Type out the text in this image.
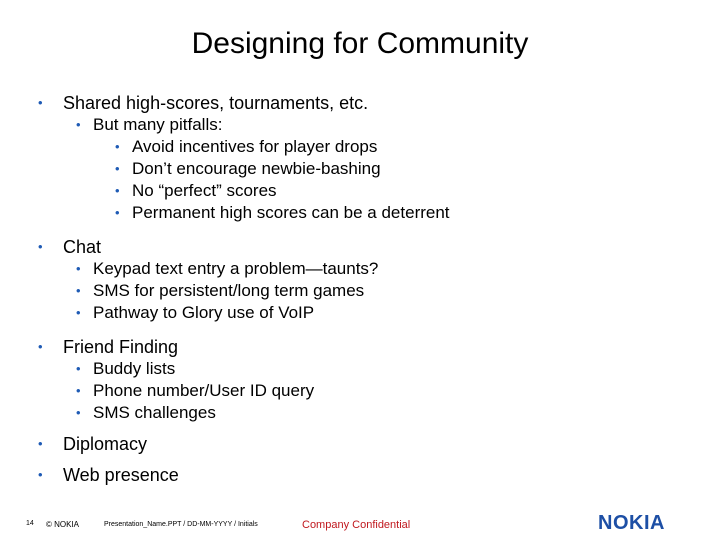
Designing for Community
• Shared high-scores, tournaments, etc.
• But many pitfalls:
• Avoid incentives for player drops
• Don’t encourage newbie-bashing
• No “perfect” scores
• Permanent high scores can be a deterrent
• Chat
• Keypad text entry a problem—taunts?
• SMS for persistent/long term games
• Pathway to Glory use of VoIP
• Friend Finding
• Buddy lists
• Phone number/User ID query
• SMS challenges
• Diplomacy
• Web presence
14 © NOKIA	Presentation_Name.PPT / DD-MM-YYYY / Initials	Company Confidential	NOKIA
